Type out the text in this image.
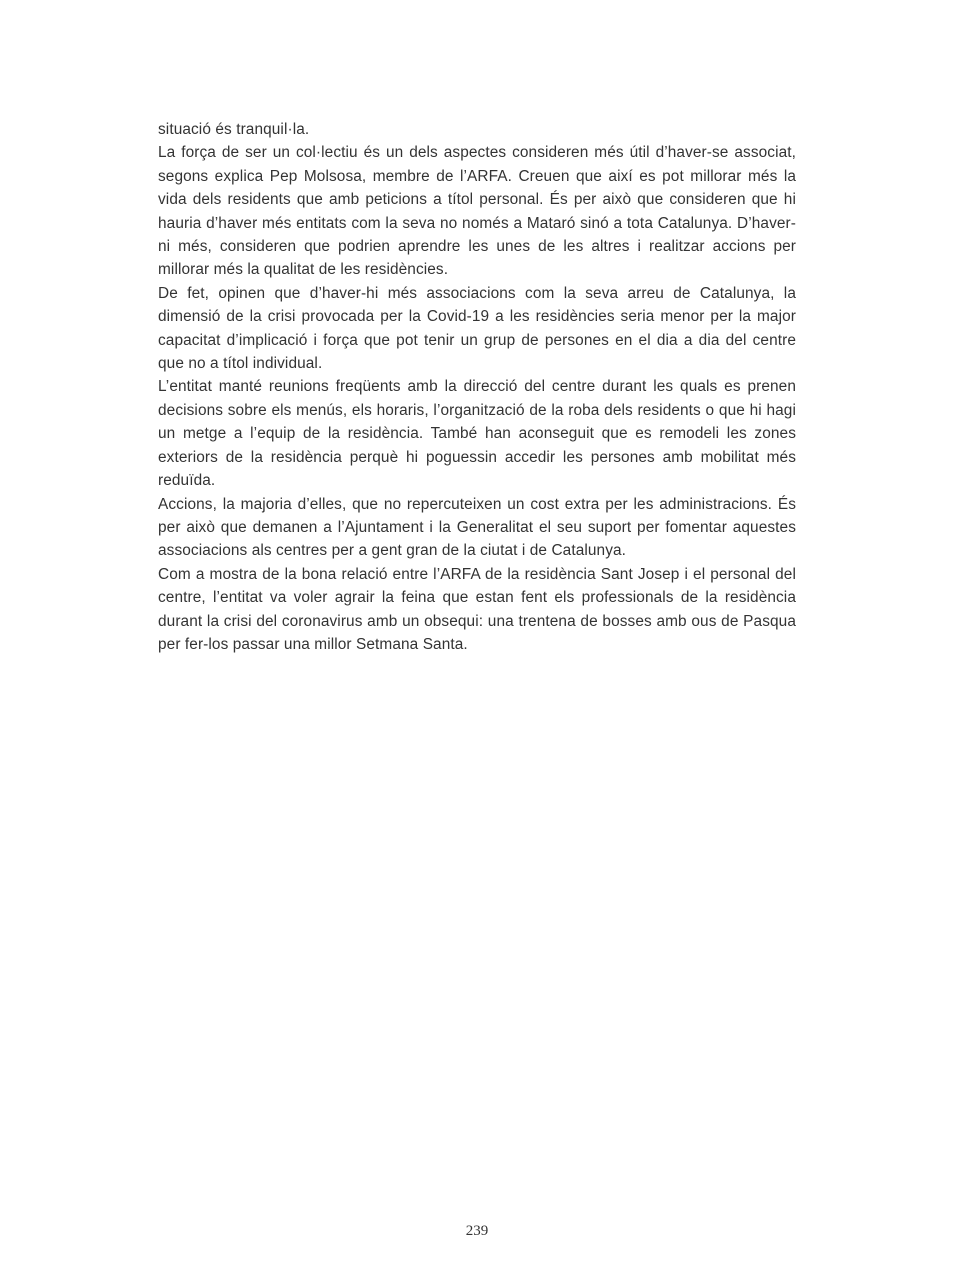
situació és tranquil·la.

La força de ser un col·lectiu és un dels aspectes consideren més útil d’haver-se associat, segons explica Pep Molsosa, membre de l’ARFA. Creuen que així es pot millorar més la vida dels residents que amb peticions a títol personal. És per això que consideren que hi hauria d’haver més entitats com la seva no només a Mataró sinó a tota Catalunya. D’haver-ni més, consideren que podrien aprendre les unes de les altres i realitzar accions per millorar més la qualitat de les residències.

De fet, opinen que d’haver-hi més associacions com la seva arreu de Catalunya, la dimensió de la crisi provocada per la Covid-19 a les residències seria menor per la major capacitat d’implicació i força que pot tenir un grup de persones en el dia a dia del centre que no a títol individual.

L’entitat manté reunions freqüents amb la direcció del centre durant les quals es prenen decisions sobre els menús, els horaris, l’organització de la roba dels residents o que hi hagi un metge a l’equip de la residència. També han aconseguit que es remodeli les zones exteriors de la residència perquè hi poguessin accedir les persones amb mobilitat més reduïda.

Accions, la majoria d’elles, que no repercuteixen un cost extra per les administracions. És per això que demanen a l’Ajuntament i la Generalitat el seu suport per fomentar aquestes associacions als centres per a gent gran de la ciutat i de Catalunya.

Com a mostra de la bona relació entre l’ARFA de la residència Sant Josep i el personal del centre, l’entitat va voler agrair la feina que estan fent els professionals de la residència durant la crisi del coronavirus amb un obsequi: una trentena de bosses amb ous de Pasqua per fer-los passar una millor Setmana Santa.

239
